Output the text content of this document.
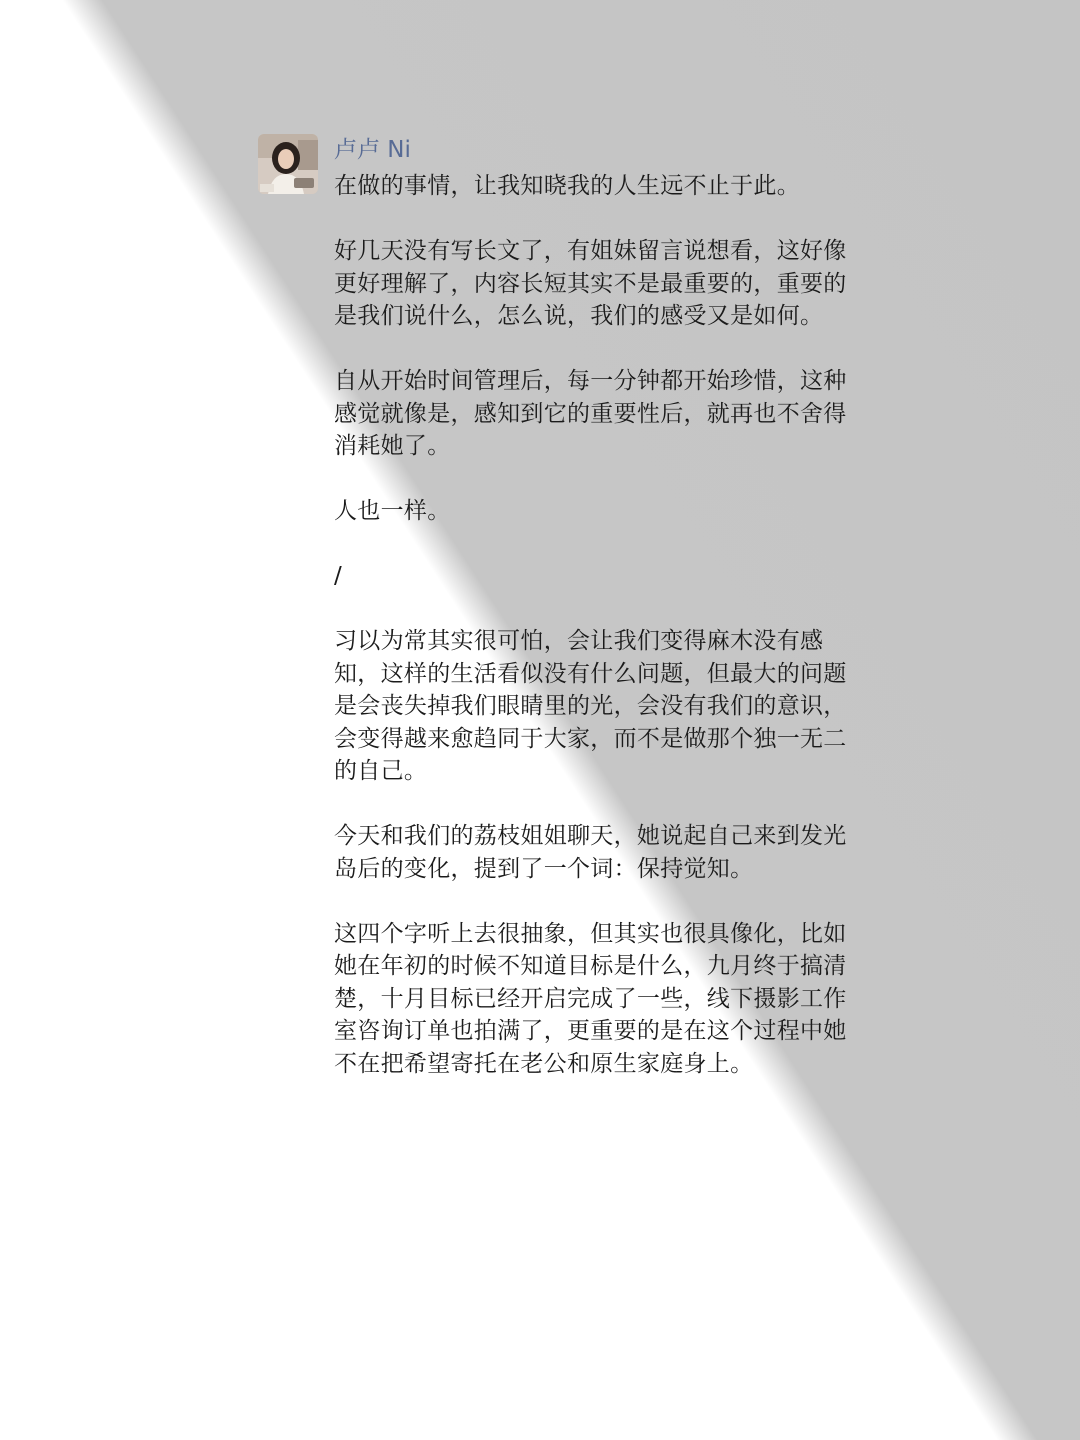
卢卢 Ni

在做的事情，让我知晓我的人生远不止于此。

好几天没有写长文了，有姐妹留言说想看，这好像更好理解了，内容长短其实不是最重要的，重要的是我们说什么，怎么说，我们的感受又是如何。

自从开始时间管理后，每一分钟都开始珍惜，这种感觉就像是，感知到它的重要性后，就再也不舍得消耗她了。

人也一样。

/

习以为常其实很可怕，会让我们变得麻木没有感知，这样的生活看似没有什么问题，但最大的问题是会丧失掉我们眼睛里的光，会没有我们的意识，会变得越来愈趋同于大家，而不是做那个独一无二的自己。

今天和我们的荔枝姐姐聊天，她说起自己来到发光岛后的变化，提到了一个词：保持觉知。

这四个字听上去很抽象，但其实也很具像化，比如她在年初的时候不知道目标是什么，九月终于搞清楚，十月目标已经开启完成了一些，线下摄影工作室咨询订单也拍满了，更重要的是在这个过程中她不在把希望寄托在老公和原生家庭身上。
